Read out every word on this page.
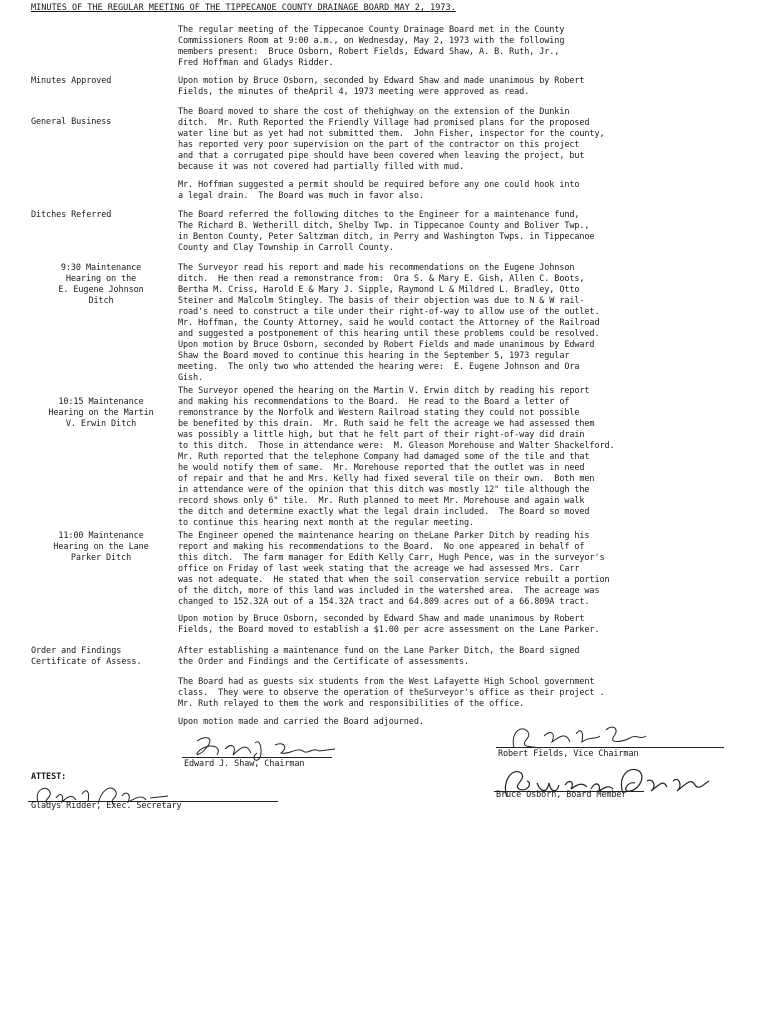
MINUTES OF THE REGULAR MEETING OF THE TIPPECANOE COUNTY DRAINAGE BOARD MAY 2, 1973.
The regular meeting of the Tippecanoe County Drainage Board met in the County
Commissioners Room at 9:00 a.m., on Wednesday, May 2, 1973 with the following
members present:  Bruce Osborn, Robert Fields, Edward Shaw, A. B. Ruth, Jr.,
Fred Hoffman and Gladys Ridder.
Minutes Approved	Upon motion by Bruce Osborn, seconded by Edward Shaw and made unanimous by Robert
Fields, the minutes of theApril 4, 1973 meeting were approved as read.
General Business
The Board moved to share the cost of thehighway on the extension of the Dunkin
ditch.  Mr. Ruth Reported the Friendly Village had promised plans for the proposed
water line but as yet had not submitted them.  John Fisher, inspector for the county,
has reported very poor supervision on the part of the contractor on this project
and that a corrugated pipe should have been covered when leaving the project, but
because it was not covered had partially filled with mud.
Mr. Hoffman suggested a permit should be required before any one could hook into
a legal drain.  The Board was much in favor also.
Ditches Referred	The Board referred the following ditches to the Engineer for a maintenance fund,
The Richard B. Wetherill ditch, Shelby Twp. in Tippecanoe County and Boliver Twp.,
in Benton County, Peter Saltzman ditch, in Perry and Washington Twps. in Tippecanoe
County and Clay Township in Carroll County.
9:30 Maintenance
Hearing on the
E. Eugene Johnson
Ditch
The Surveyor read his report and made his recommendations on the Eugene Johnson
ditch.  He then read a remonstrance from:  Ora S. & Mary E. Gish, Allen C. Boots,
Bertha M. Criss, Harold E & Mary J. Sipple, Raymond L & Mildred L. Bradley, Otto
Steiner and Malcolm Stingley. The basis of their objection was due to N & W rail-
road's need to construct a tile under their right-of-way to allow use of the outlet.
Mr. Hoffman, the County Attorney, said he would contact the Attorney of the Railroad
and suggested a postponement of this hearing until these problems could be resolved.
Upon motion by Bruce Osborn, seconded by Robert Fields and made unanimous by Edward
Shaw the Board moved to continue this hearing in the September 5, 1973 regular
meeting.  The only two who attended the hearing were:  E. Eugene Johnson and Ora
Gish.
10:15 Maintenance
Hearing on the Martin
V. Erwin Ditch
The Surveyor opened the hearing on the Martin V. Erwin ditch by reading his report
and making his recommendations to the Board.  He read to the Board a letter of
remonstrance by the Norfolk and Western Railroad stating they could not possible
be benefited by this drain.  Mr. Ruth said he felt the acreage we had assessed them
was possibly a little high, but that he felt part of their right-of-way did drain
to this ditch.  Those in attendance were:  M. Gleason Morehouse and Walter Shackelford.
Mr. Ruth reported that the telephone Company had damaged some of the tile and that
he would notify them of same.  Mr. Morehouse reported that the outlet was in need
of repair and that he and Mrs. Kelly had fixed several tile on their own.  Both men
in attendance were of the opinion that this ditch was mostly 12" tile although the
record shows only 6" tile.  Mr. Ruth planned to meet Mr. Morehouse and again walk
the ditch and determine exactly what the legal drain included.  The Board so moved
to continue this hearing next month at the regular meeting.
11:00 Maintenance
Hearing on the Lane
Parker Ditch
The Engineer opened the maintenance hearing on theLane Parker Ditch by reading his
report and making his recommendations to the Board.  No one appeared in behalf of
this ditch.  The farm manager for Edith Kelly Carr, Hugh Pence, was in the surveyor's
office on Friday of last week stating that the acreage we had assessed Mrs. Carr
was not adequate.  He stated that when the soil conservation service rebuilt a portion
of the ditch, more of this land was included in the watershed area.  The acreage was
changed to 152.32A out of a 154.32A tract and 64.809 acres out of a 66.809A tract.
Upon motion by Bruce Osborn, seconded by Edward Shaw and made unanimous by Robert
Fields, the Board moved to establish a $1.00 per acre assessment on the Lane Parker.
Order and Findings
Certificate of Assess.
After establishing a maintenance fund on the Lane Parker Ditch, the Board signed
the Order and Findings and the Certificate of assessments.
The Board had as guests six students from the West Lafayette High School government
class.  They were to observe the operation of theSurveyor's office as their project .
Mr. Ruth relayed to them the work and responsibilities of the office.
Upon motion made and carried the Board adjourned.
Edward J. Shaw, Chairman
Robert Fields, Vice Chairman
Bruce Osborn, Board Member
ATTEST:
Gladys Ridder, Exec. Secretary
